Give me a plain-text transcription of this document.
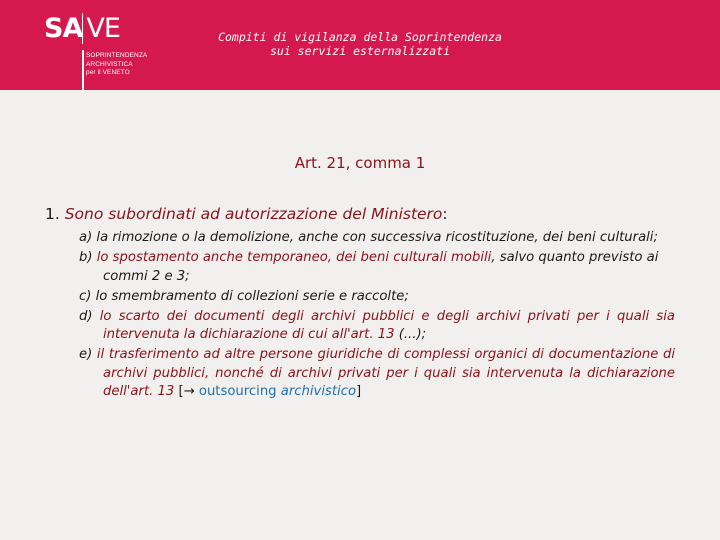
SA VE
SOPRINTENDENZA
ARCHIVISTICA
per il VENETO
Compiti di vigilanza della Soprintendenza
sui servizi esternalizzati
Art. 21, comma 1
1. Sono subordinati ad autorizzazione del Ministero:
a) la rimozione o la demolizione, anche con successiva ricostituzione, dei beni culturali;
b) lo spostamento anche temporaneo, dei beni culturali mobili, salvo quanto previsto ai commi 2 e 3;
c) lo smembramento di collezioni serie e raccolte;
d) lo scarto dei documenti degli archivi pubblici e degli archivi privati per i quali sia intervenuta la dichiarazione di cui all'art. 13 (...);
e) il trasferimento ad altre persone giuridiche di complessi organici di documentazione di archivi pubblici, nonché di archivi privati per i quali sia intervenuta la dichiarazione dell'art. 13 [→ outsourcing archivistico]
